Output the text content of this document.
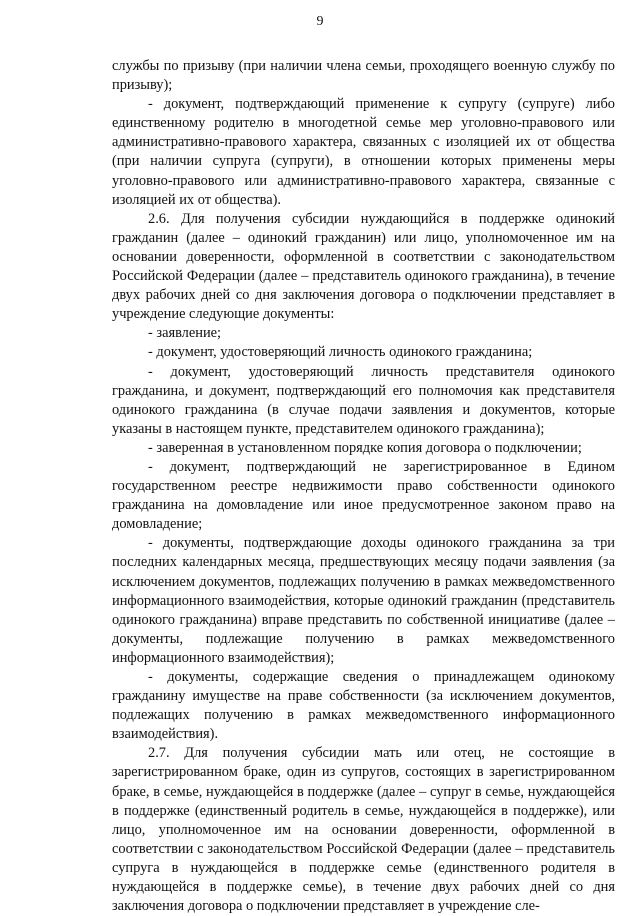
9

службы по призыву (при наличии члена семьи, проходящего военную службу по призыву);

- документ, подтверждающий применение к супругу (супруге) либо единственному родителю в многодетной семье мер уголовно-правового или административно-правового характера, связанных с изоляцией их от общества (при наличии супруга (супруги), в отношении которых применены меры уголовно-правового или административно-правового характера, связанные с изоляцией их от общества).

2.6. Для получения субсидии нуждающийся в поддержке одинокий гражданин (далее – одинокий гражданин) или лицо, уполномоченное им на основании доверенности, оформленной в соответствии с законодательством Российской Федерации (далее – представитель одинокого гражданина), в течение двух рабочих дней со дня заключения договора о подключении представляет в учреждение следующие документы:

- заявление;

- документ, удостоверяющий личность одинокого гражданина;

- документ, удостоверяющий личность представителя одинокого гражданина, и документ, подтверждающий его полномочия как представителя одинокого гражданина (в случае подачи заявления и документов, которые указаны в настоящем пункте, представителем одинокого гражданина);

- заверенная в установленном порядке копия договора о подключении;

- документ, подтверждающий не зарегистрированное в Едином государственном реестре недвижимости право собственности одинокого гражданина на домовладение или иное предусмотренное законом право на домовладение;

- документы, подтверждающие доходы одинокого гражданина за три последних календарных месяца, предшествующих месяцу подачи заявления (за исключением документов, подлежащих получению в рамках межведомственного информационного взаимодействия, которые одинокий гражданин (представитель одинокого гражданина) вправе представить по собственной инициативе (далее – документы, подлежащие получению в рамках межведомственного информационного взаимодействия);

- документы, содержащие сведения о принадлежащем одинокому гражданину имуществе на праве собственности (за исключением документов, подлежащих получению в рамках межведомственного информационного взаимодействия).

2.7. Для получения субсидии мать или отец, не состоящие в зарегистрированном браке, один из супругов, состоящих в зарегистрированном браке, в семье, нуждающейся в поддержке (далее – супруг в семье, нуждающейся в поддержке (единственный родитель в семье, нуждающейся в поддержке), или лицо, уполномоченное им на основании доверенности, оформленной в соответствии с законодательством Российской Федерации (далее – представитель супруга в нуждающейся в поддержке семье (единственного родителя в нуждающейся в поддержке семье), в течение двух рабочих дней со дня заключения договора о подключении представляет в учреждение сле-
